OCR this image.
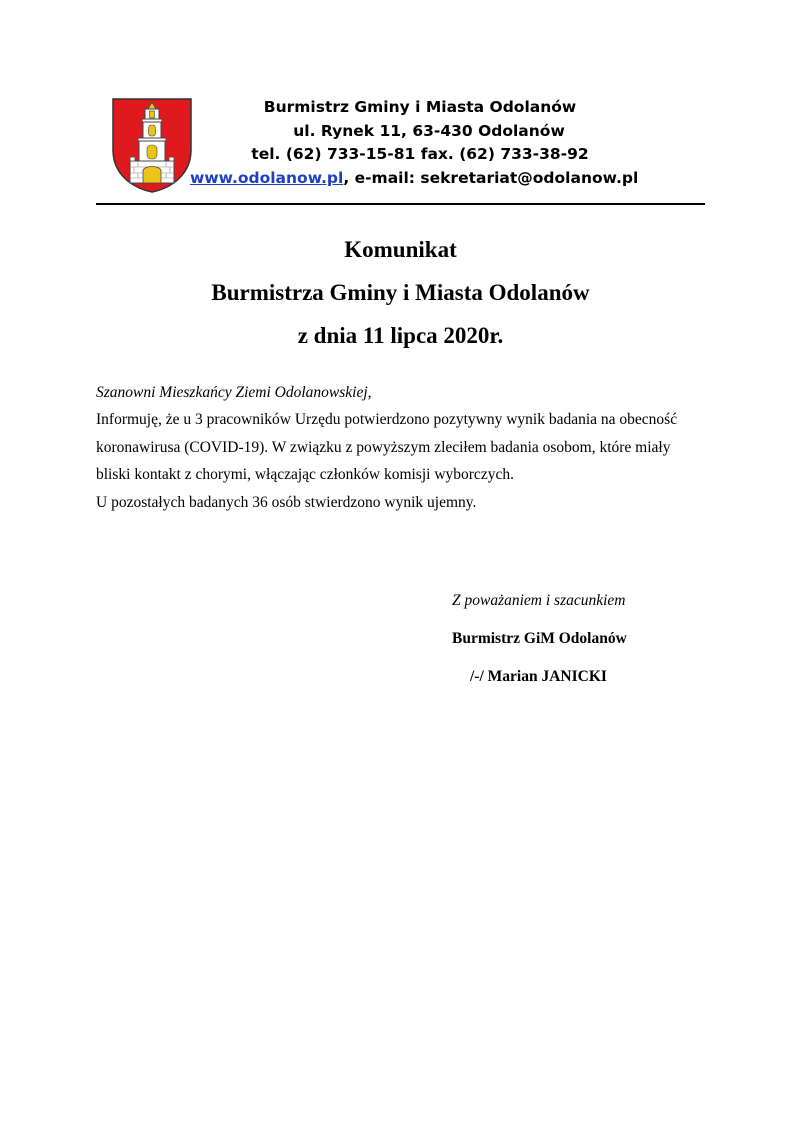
Burmistrz Gminy i Miasta Odolanów
ul. Rynek 11, 63-430 Odolanów
tel. (62) 733-15-81 fax. (62) 733-38-92
www.odolanow.pl, e-mail: sekretariat@odolanow.pl
Komunikat
Burmistrza Gminy i Miasta Odolanów
z dnia 11 lipca 2020r.
Szanowni Mieszkańcy Ziemi Odolanowskiej,
Informuję, że u 3 pracowników Urzędu potwierdzono pozytywny wynik badania na obecność
koronawirusa (COVID-19). W związku z powyższym zleciłem badania osobom, które miały
bliski kontakt z chorymi, włączając członków komisji wyborczych.
U pozostałych badanych 36 osób stwierdzono wynik ujemny.
Z poważaniem i szacunkiem
Burmistrz GiM Odolanów
/-/ Marian JANICKI
